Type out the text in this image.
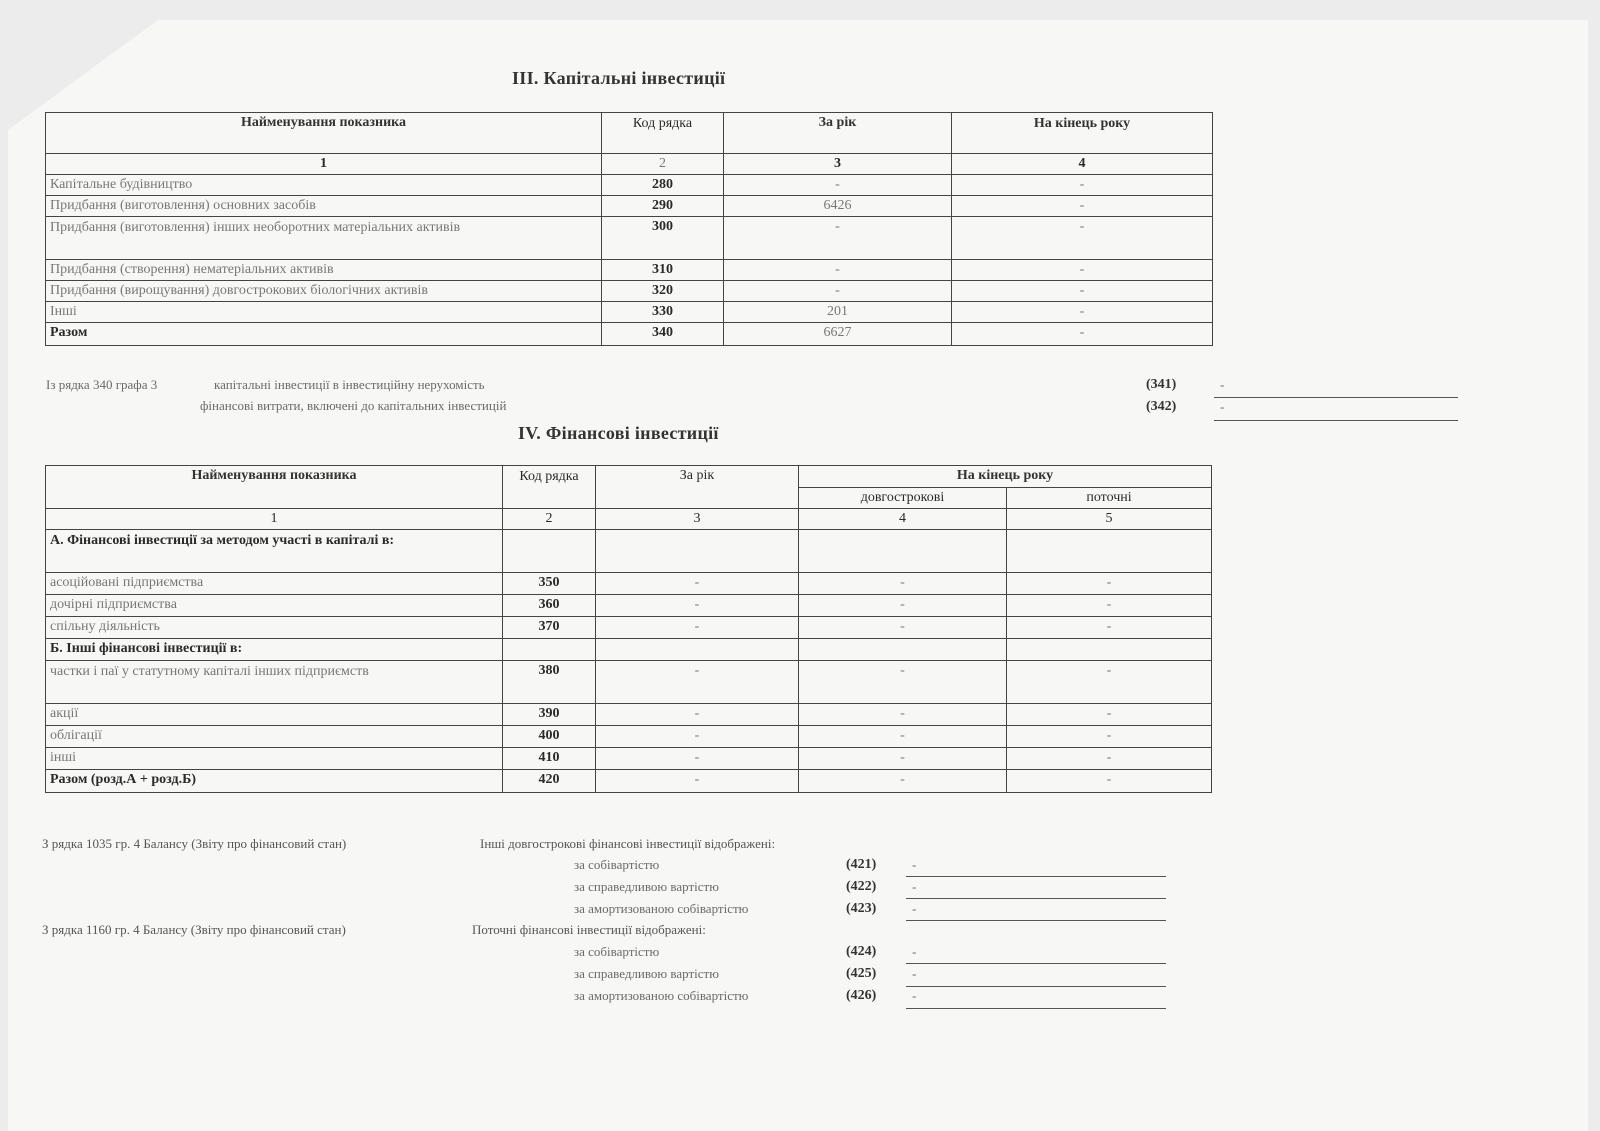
III. Капітальні інвестиції
Найменування показника	Код рядка	За рік	На кінець року
1	2	3	4
Капітальне будівництво	280	-	-
Придбання (виготовлення) основних засобів	290	6426	-
Придбання (виготовлення) інших необоротних матеріальних активів	300	-	-
Придбання (створення) нематеріальних активів	310	-	-
Придбання (вирощування) довгострокових біологічних активів	320	-	-
Інші	330	201	-
Разом	340	6627	-
Із рядка 340 графа 3	капітальні інвестиції в інвестиційну нерухомість	(341)	-
фінансові витрати, включені до капітальних інвестицій	(342)	-
IV. Фінансові інвестиції
Найменування показника	Код рядка	За рік	На кінець року	
			довгострокові	поточні
1	2	3	4	5
А. Фінансові інвестиції за методом участі в капіталі в:				
асоційовані підприємства	350	-	-	-
дочірні підприємства	360	-	-	-
спільну діяльність	370	-	-	-
Б. Інші фінансові інвестиції в:				
частки і паї у статутному капіталі інших підприємств	380	-	-	-
акції	390	-	-	-
облігації	400	-	-	-
інші	410	-	-	-
Разом (розд.А + розд.Б)	420	-	-	-
З рядка 1035 гр. 4 Балансу (Звіту про фінансовий стан)	Інші довгострокові фінансові інвестиції відображені:
за собівартістю	(421)	-
за справедливою вартістю	(422)	-
за амортизованою собівартістю	(423)	-
З рядка 1160 гр. 4 Балансу (Звіту про фінансовий стан)	Поточні фінансові інвестиції відображені:
за собівартістю	(424)	-
за справедливою вартістю	(425)	-
за амортизованою собівартістю	(426)	-
